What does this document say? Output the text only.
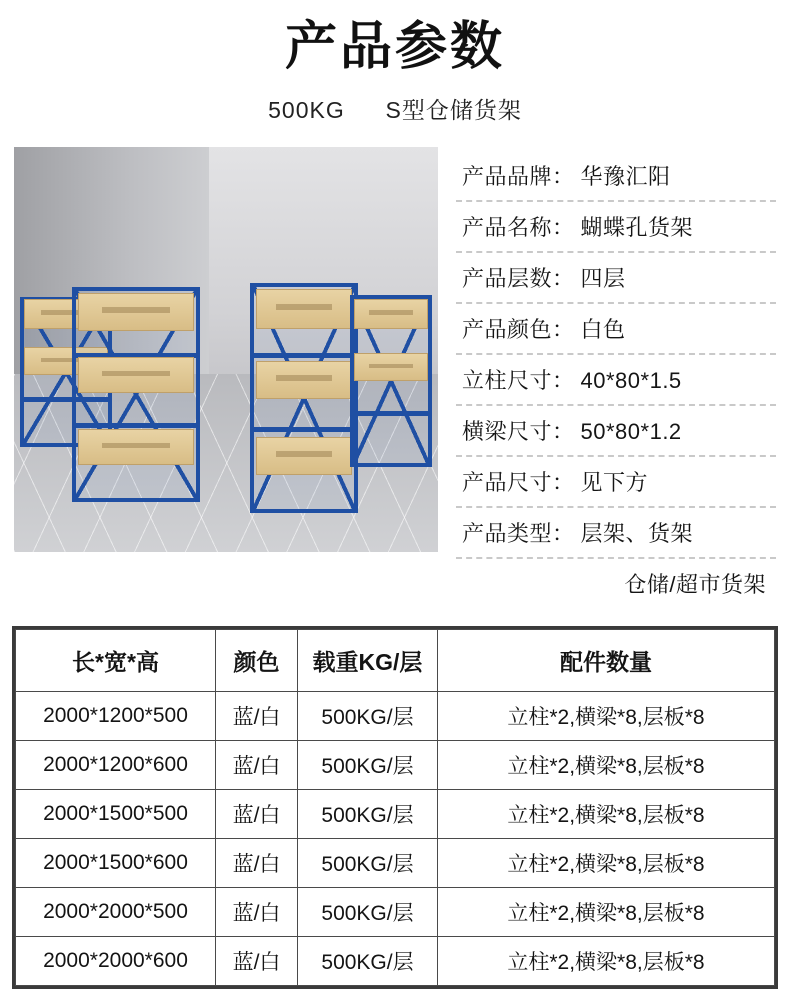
产品参数
500KG S型仓储货架
产品品牌： 华豫汇阳
产品名称： 蝴蝶孔货架
产品层数： 四层
产品颜色： 白色
立柱尺寸： 40*80*1.5
横梁尺寸： 50*80*1.2
产品尺寸： 见下方
产品类型： 层架、货架
仓储/超市货架
长*宽*高	颜色	载重KG/层	配件数量
2000*1200*500	蓝/白	500KG/层	立柱*2,横梁*8,层板*8
2000*1200*600	蓝/白	500KG/层	立柱*2,横梁*8,层板*8
2000*1500*500	蓝/白	500KG/层	立柱*2,横梁*8,层板*8
2000*1500*600	蓝/白	500KG/层	立柱*2,横梁*8,层板*8
2000*2000*500	蓝/白	500KG/层	立柱*2,横梁*8,层板*8
2000*2000*600	蓝/白	500KG/层	立柱*2,横梁*8,层板*8
